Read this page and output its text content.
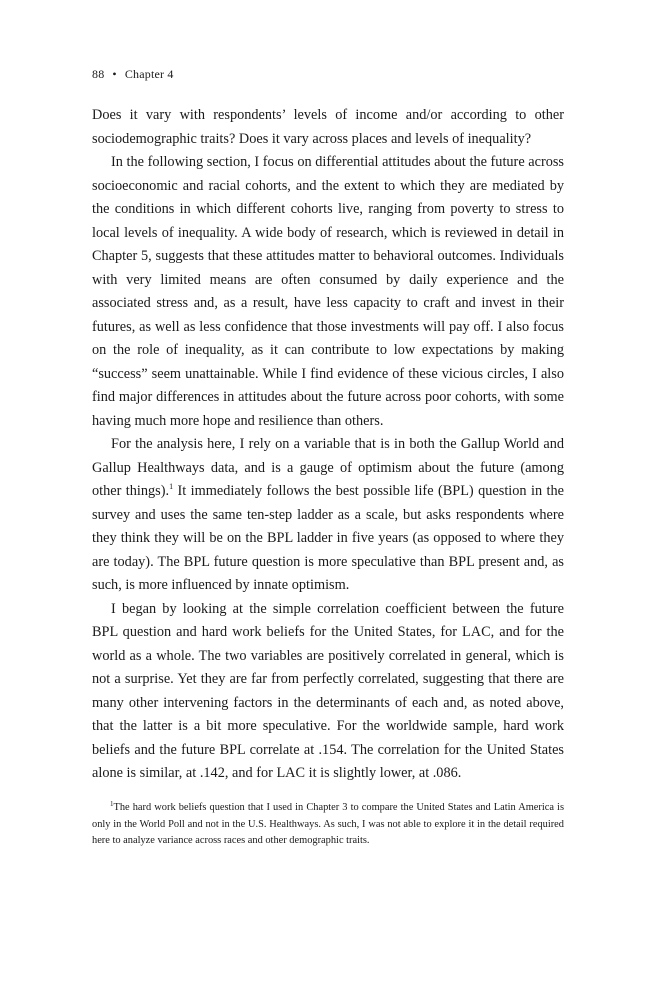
88 • Chapter 4

Does it vary with respondents’ levels of income and/or according to other sociodemographic traits? Does it vary across places and levels of inequality?

In the following section, I focus on differential attitudes about the future across socioeconomic and racial cohorts, and the extent to which they are mediated by the conditions in which different cohorts live, ranging from poverty to stress to local levels of inequality. A wide body of research, which is reviewed in detail in Chapter 5, suggests that these attitudes matter to behavioral outcomes. Individuals with very limited means are often consumed by daily experience and the associated stress and, as a result, have less capacity to craft and invest in their futures, as well as less confidence that those investments will pay off. I also focus on the role of inequality, as it can contribute to low expectations by making “success” seem unattainable. While I find evidence of these vicious circles, I also find major differences in attitudes about the future across poor cohorts, with some having much more hope and resilience than others.

For the analysis here, I rely on a variable that is in both the Gallup World and Gallup Healthways data, and is a gauge of optimism about the future (among other things).$^1$ It immediately follows the best possible life (BPL) question in the survey and uses the same ten-step ladder as a scale, but asks respondents where they think they will be on the BPL ladder in five years (as opposed to where they are today). The BPL future question is more speculative than BPL present and, as such, is more influenced by innate optimism.

I began by looking at the simple correlation coefficient between the future BPL question and hard work beliefs for the United States, for LAC, and for the world as a whole. The two variables are positively correlated in general, which is not a surprise. Yet they are far from perfectly correlated, suggesting that there are many other intervening factors in the determinants of each and, as noted above, that the latter is a bit more speculative. For the worldwide sample, hard work beliefs and the future BPL correlate at .154. The correlation for the United States alone is similar, at .142, and for LAC it is slightly lower, at .086.

$^1$The hard work beliefs question that I used in Chapter 3 to compare the United States and Latin America is only in the World Poll and not in the U.S. Healthways. As such, I was not able to explore it in the detail required here to analyze variance across races and other demographic traits.
